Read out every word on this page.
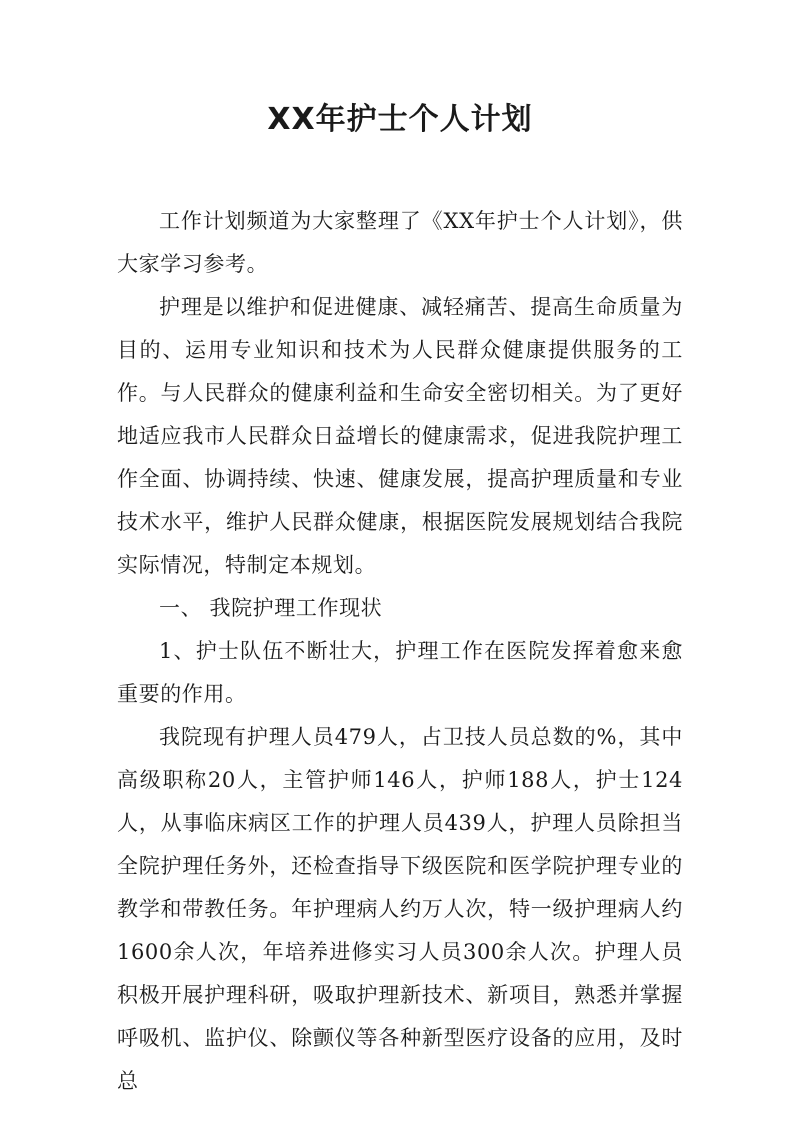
XX年护士个人计划

工作计划频道为大家整理了《XX年护士个人计划》，供大家学习参考。

护理是以维护和促进健康、减轻痛苦、提高生命质量为目的、运用专业知识和技术为人民群众健康提供服务的工作。与人民群众的健康利益和生命安全密切相关。为了更好地适应我市人民群众日益增长的健康需求，促进我院护理工作全面、协调持续、快速、健康发展，提高护理质量和专业技术水平，维护人民群众健康，根据医院发展规划结合我院实际情况，特制定本规划。

一、 我院护理工作现状

1、护士队伍不断壮大，护理工作在医院发挥着愈来愈重要的作用。

我院现有护理人员479人，占卫技人员总数的%，其中高级职称20人，主管护师146人，护师188人，护士124人，从事临床病区工作的护理人员439人，护理人员除担当全院护理任务外，还检查指导下级医院和医学院护理专业的教学和带教任务。年护理病人约万人次，特一级护理病人约1600余人次，年培养进修实习人员300余人次。护理人员积极开展护理科研，吸取护理新技术、新项目，熟悉并掌握呼吸机、监护仪、除颤仪等各种新型医疗设备的应用，及时总
